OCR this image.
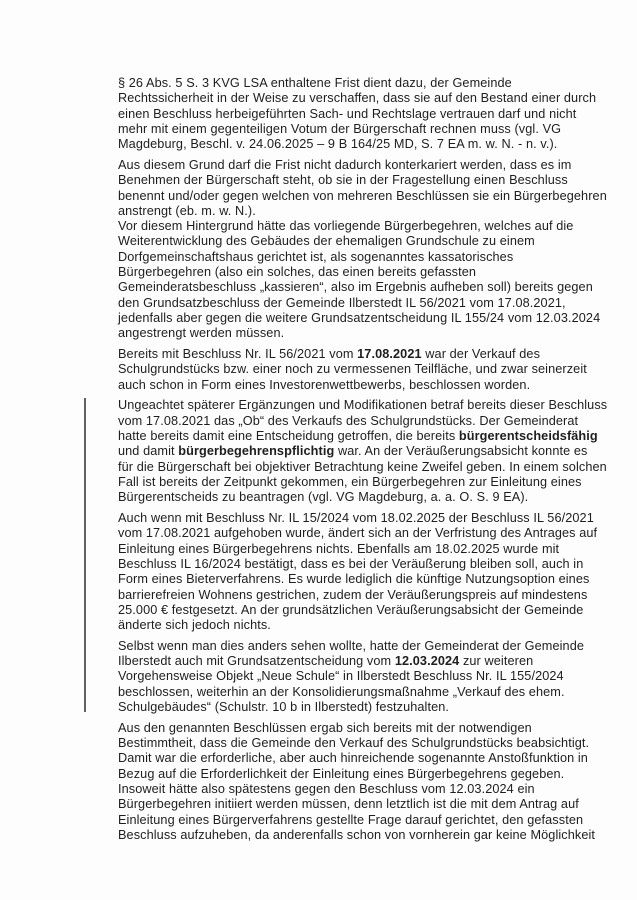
§ 26 Abs. 5 S. 3 KVG LSA enthaltene Frist dient dazu, der Gemeinde
Rechtssicherheit in der Weise zu verschaffen, dass sie auf den Bestand einer durch
einen Beschluss herbeigeführten Sach- und Rechtslage vertrauen darf und nicht
mehr mit einem gegenteiligen Votum der Bürgerschaft rechnen muss (vgl. VG
Magdeburg, Beschl. v. 24.06.2025 – 9 B 164/25 MD, S. 7 EA m. w. N. - n. v.).
Aus diesem Grund darf die Frist nicht dadurch konterkariert werden, dass es im
Benehmen der Bürgerschaft steht, ob sie in der Fragestellung einen Beschluss
benennt und/oder gegen welchen von mehreren Beschlüssen sie ein Bürgerbegehren
anstrengt (eb. m. w. N.).
Vor diesem Hintergrund hätte das vorliegende Bürgerbegehren, welches auf die
Weiterentwicklung des Gebäudes der ehemaligen Grundschule zu einem
Dorfgemeinschaftshaus gerichtet ist, als sogenanntes kassatorisches
Bürgerbegehren (also ein solches, das einen bereits gefassten
Gemeinderatsbeschluss „kassieren“, also im Ergebnis aufheben soll) bereits gegen
den Grundsatzbeschluss der Gemeinde Ilberstedt IL 56/2021 vom 17.08.2021,
jedenfalls aber gegen die weitere Grundsatzentscheidung IL 155/24 vom 12.03.2024
angestrengt werden müssen.
Bereits mit Beschluss Nr. IL 56/2021 vom 17.08.2021 war der Verkauf des
Schulgrundstücks bzw. einer noch zu vermessenen Teilfläche, und zwar seinerzeit
auch schon in Form eines Investorenwettbewerbs, beschlossen worden.
Ungeachtet späterer Ergänzungen und Modifikationen betraf bereits dieser Beschluss
vom 17.08.2021 das „Ob“ des Verkaufs des Schulgrundstücks. Der Gemeinderat
hatte bereits damit eine Entscheidung getroffen, die bereits bürgerentscheidsfähig
und damit bürgerbegehrenspflichtig war. An der Veräußerungsabsicht konnte es
für die Bürgerschaft bei objektiver Betrachtung keine Zweifel geben. In einem solchen
Fall ist bereits der Zeitpunkt gekommen, ein Bürgerbegehren zur Einleitung eines
Bürgerentscheids zu beantragen (vgl. VG Magdeburg, a. a. O. S. 9 EA).
Auch wenn mit Beschluss Nr. IL 15/2024 vom 18.02.2025 der Beschluss IL 56/2021
vom 17.08.2021 aufgehoben wurde, ändert sich an der Verfristung des Antrages auf
Einleitung eines Bürgerbegehrens nichts. Ebenfalls am 18.02.2025 wurde mit
Beschluss IL 16/2024 bestätigt, dass es bei der Veräußerung bleiben soll, auch in
Form eines Bieterverfahrens. Es wurde lediglich die künftige Nutzungsoption eines
barrierefreien Wohnens gestrichen, zudem der Veräußerungspreis auf mindestens
25.000 € festgesetzt. An der grundsätzlichen Veräußerungsabsicht der Gemeinde
änderte sich jedoch nichts.
Selbst wenn man dies anders sehen wollte, hatte der Gemeinderat der Gemeinde
Ilberstedt auch mit Grundsatzentscheidung vom 12.03.2024 zur weiteren
Vorgehensweise Objekt „Neue Schule“ in Ilberstedt Beschluss Nr. IL 155/2024
beschlossen, weiterhin an der Konsolidierungsmaßnahme „Verkauf des ehem.
Schulgebäudes“ (Schulstr. 10 b in Ilberstedt) festzuhalten.
Aus den genannten Beschlüssen ergab sich bereits mit der notwendigen
Bestimmtheit, dass die Gemeinde den Verkauf des Schulgrundstücks beabsichtigt.
Damit war die erforderliche, aber auch hinreichende sogenannte Anstoßfunktion in
Bezug auf die Erforderlichkeit der Einleitung eines Bürgerbegehrens gegeben.
Insoweit hätte also spätestens gegen den Beschluss vom 12.03.2024 ein
Bürgerbegehren initiiert werden müssen, denn letztlich ist die mit dem Antrag auf
Einleitung eines Bürgerverfahrens gestellte Frage darauf gerichtet, den gefassten
Beschluss aufzuheben, da anderenfalls schon von vornherein gar keine Möglichkeit
